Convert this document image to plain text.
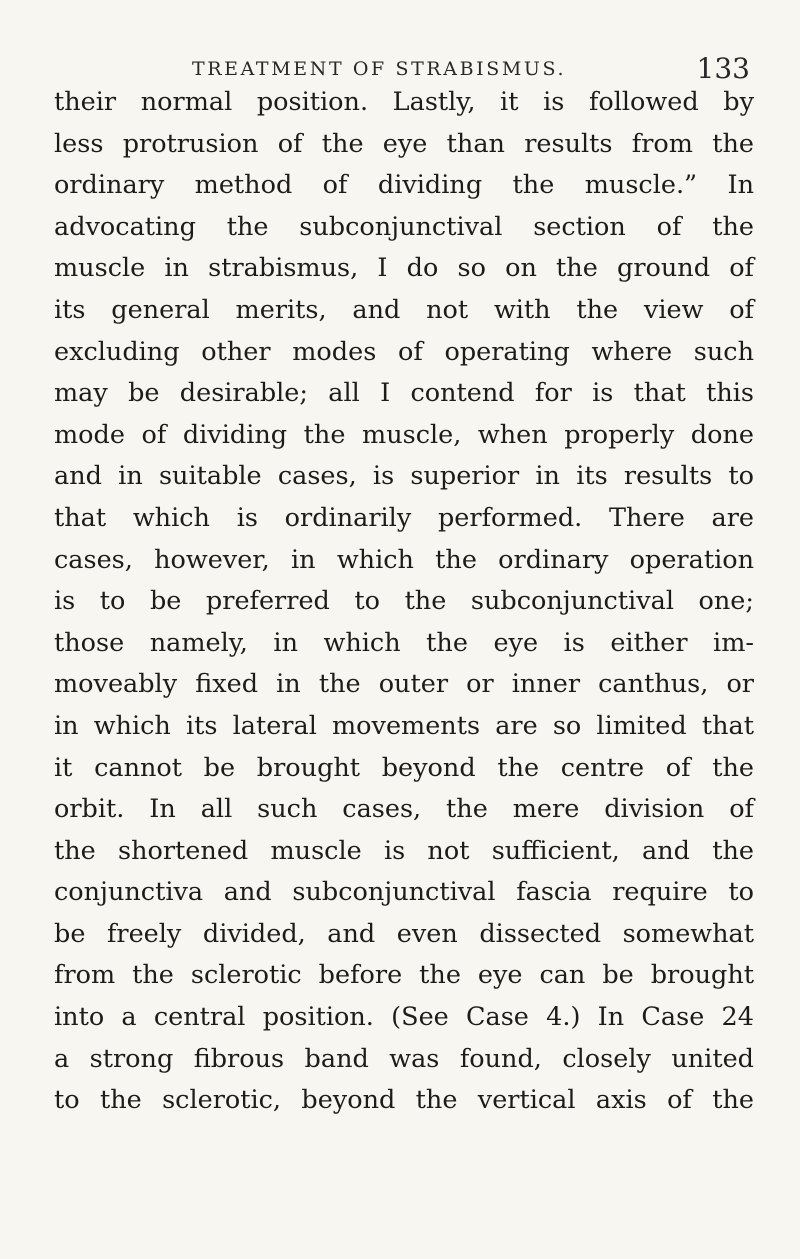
TREATMENT OF STRABISMUS.	133
their normal position. Lastly, it is followed by
less protrusion of the eye than results from the
ordinary method of dividing the muscle.” In
advocating the subconjunctival section of the
muscle in strabismus, I do so on the ground of
its general merits, and not with the view of
excluding other modes of operating where such
may be desirable; all I contend for is that this
mode of dividing the muscle, when properly done
and in suitable cases, is superior in its results to
that which is ordinarily performed. There are
cases, however, in which the ordinary operation
is to be preferred to the subconjunctival one;
those namely, in which the eye is either im-
moveably fixed in the outer or inner canthus, or
in which its lateral movements are so limited that
it cannot be brought beyond the centre of the
orbit. In all such cases, the mere division of
the shortened muscle is not sufficient, and the
conjunctiva and subconjunctival fascia require to
be freely divided, and even dissected somewhat
from the sclerotic before the eye can be brought
into a central position. (See Case 4.) In Case 24
a strong fibrous band was found, closely united
to the sclerotic, beyond the vertical axis of the
